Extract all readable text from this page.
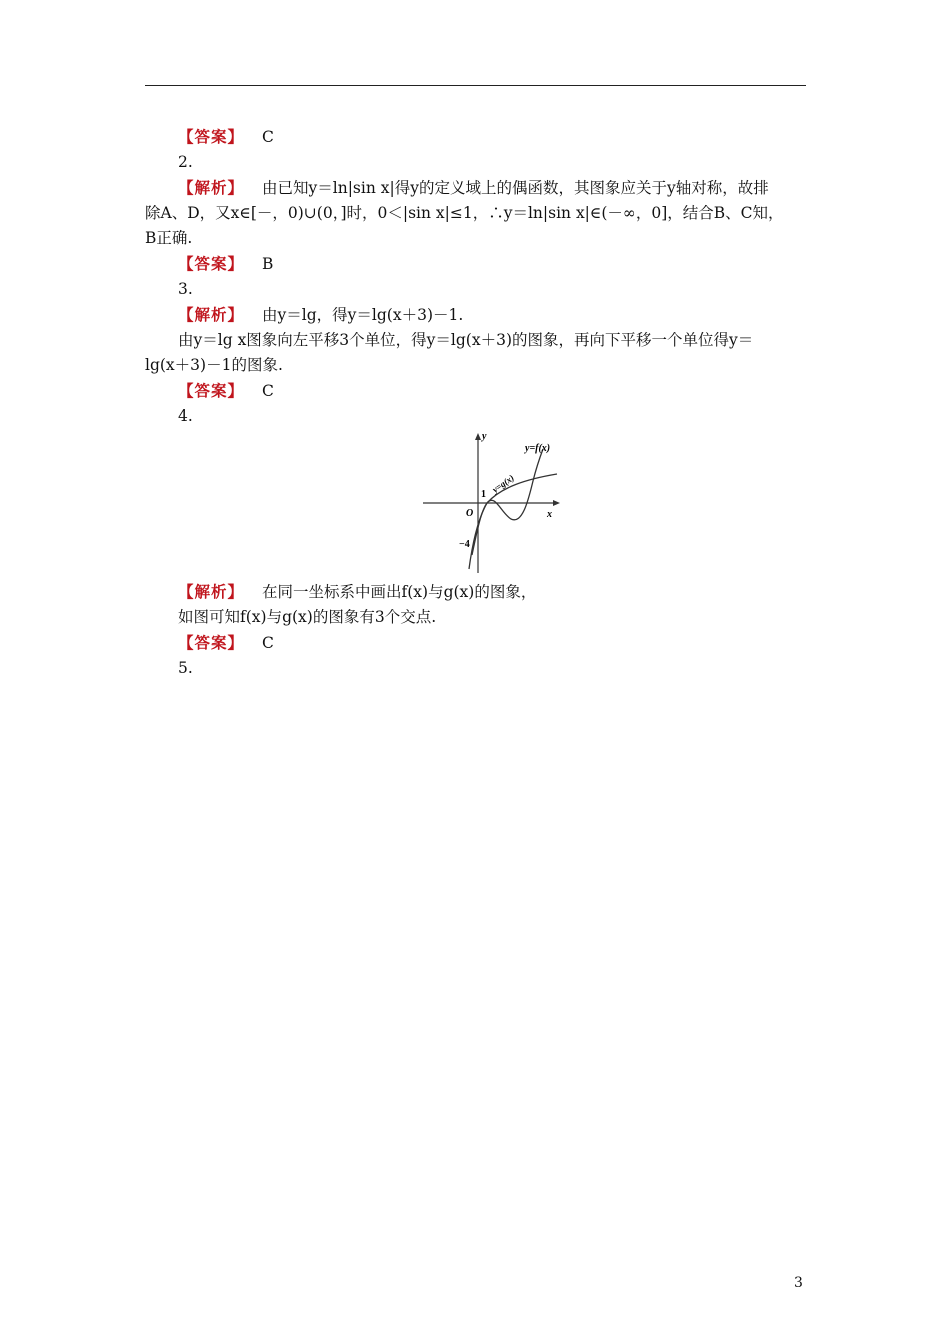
【答案】 C
2.
【解析】 由已知y＝ln|sin x|得y的定义域上的偶函数，其图象应关于y轴对称，故排
除A、D，又x∈[－，0)∪(0，]时，0＜|sin x|≤1，∴y＝ln|sin x|∈(－∞，0]，结合B、C知，
B正确.
【答案】 B
3.
【解析】 由y＝lg，得y＝lg(x＋3)－1.
由y＝lg x图象向左平移3个单位，得y＝lg(x＋3)的图象，再向下平移一个单位得y＝
lg(x＋3)－1的图象.
【答案】 C
4.
y
x
O
1
−4
y=f(x)
y=g(x)
【解析】 在同一坐标系中画出f(x)与g(x)的图象，
如图可知f(x)与g(x)的图象有3个交点.
【答案】 C
5.
3
